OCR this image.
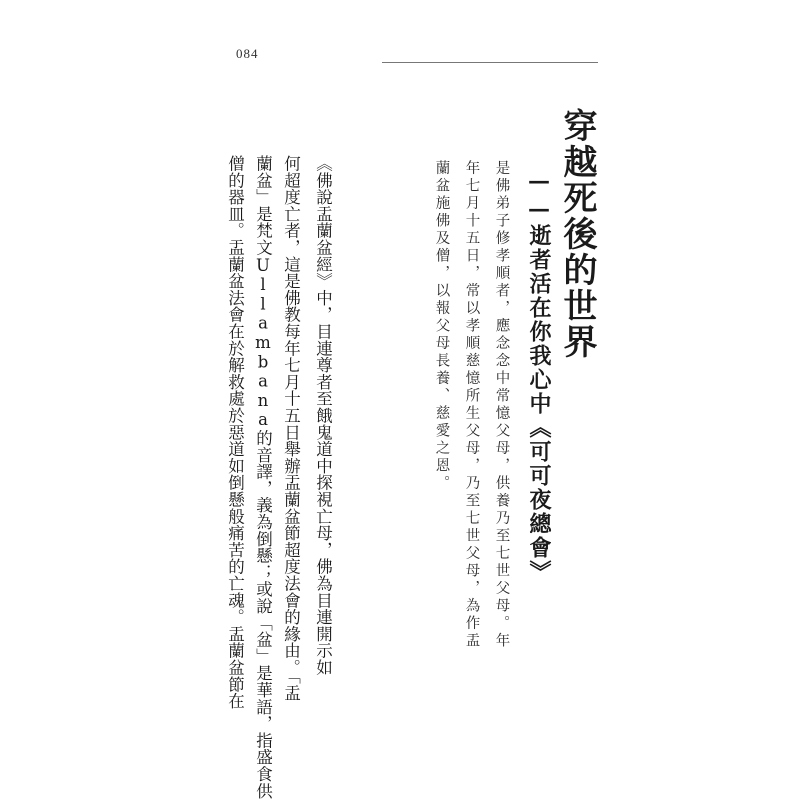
084
穿越死後的世界
——逝者活在你我心中《可可夜總會》
是佛弟子修孝順者，應念念中常憶父母，供養乃至七世父母。年
年七月十五日，常以孝順慈憶所生父母，乃至七世父母，為作盂
蘭盆施佛及僧，以報父母長養、慈愛之恩。
《佛說盂蘭盆經》中，目連尊者至餓鬼道中探視亡母，佛為目連開示如
何超度亡者，這是佛教每年七月十五日舉辦盂蘭盆節超度法會的緣由。「盂
蘭盆」是梵文Ullambana的音譯，義為倒懸；或說「盆」是華語，指盛食供
僧的器皿。盂蘭盆法會在於解救處於惡道如倒懸般痛苦的亡魂。盂蘭盆節在
